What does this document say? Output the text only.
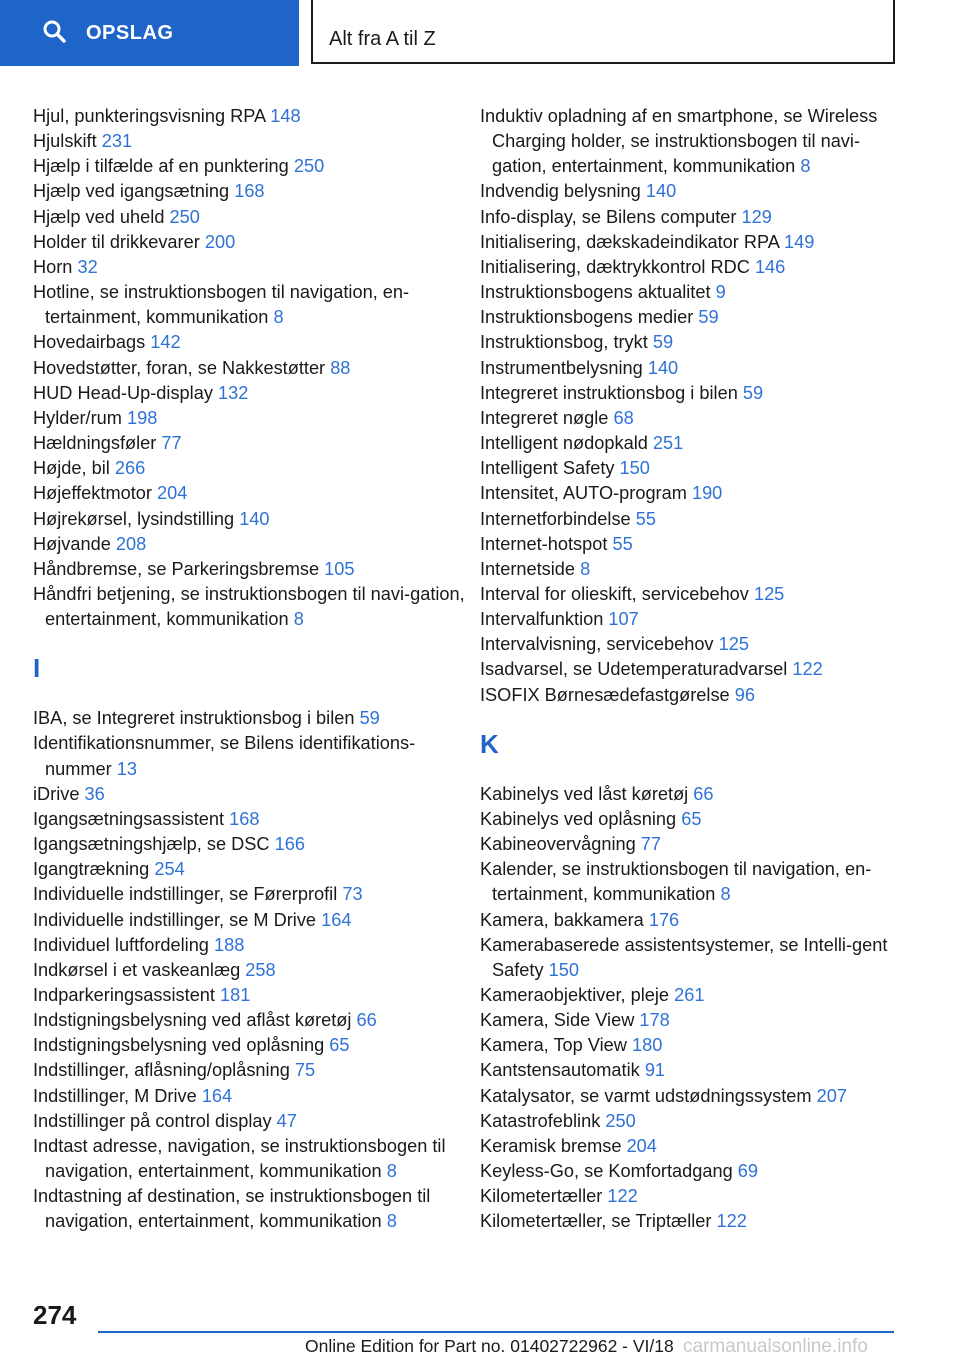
OPSLAG	Alt fra A til Z

Hjul, punkteringsvisning RPA 148

Hjulskift 231

Hjælp i tilfælde af en punktering 250

Hjælp ved igangsætning 168

Hjælp ved uheld 250

Holder til drikkevarer 200

Horn 32

Hotline, se instruktionsbogen til navigation, en-tertainment, kommunikation 8

Hovedairbags 142

Hovedstøtter, foran, se Nakkestøtter 88

HUD Head-Up-display 132

Hylder/rum 198

Hældningsføler 77

Højde, bil 266

Højeffektmotor 204

Højrekørsel, lysindstilling 140

Højvande 208

Håndbremse, se Parkeringsbremse 105

Håndfri betjening, se instruktionsbogen til navi-gation, entertainment, kommunikation 8

I

IBA, se Integreret instruktionsbog i bilen 59

Identifikationsnummer, se Bilens identifikations-nummer 13

iDrive 36

Igangsætningsassistent 168

Igangsætningshjælp, se DSC 166

Igangtrækning 254

Individuelle indstillinger, se Førerprofil 73

Individuelle indstillinger, se M Drive 164

Individuel luftfordeling 188

Indkørsel i et vaskeanlæg 258

Indparkeringsassistent 181

Indstigningsbelysning ved aflåst køretøj 66

Indstigningsbelysning ved oplåsning 65

Indstillinger, aflåsning/oplåsning 75

Indstillinger, M Drive 164

Indstillinger på control display 47

Indtast adresse, navigation, se instruktionsbogen til navigation, entertainment, kommunikation 8

Indtastning af destination, se instruktionsbogen til navigation, entertainment, kommunikation 8

Induktiv opladning af en smartphone, se Wireless Charging holder, se instruktionsbogen til navi-gation, entertainment, kommunikation 8

Indvendig belysning 140

Info-display, se Bilens computer 129

Initialisering, dækskadeindikator RPA 149

Initialisering, dæktrykkontrol RDC 146

Instruktionsbogens aktualitet 9

Instruktionsbogens medier 59

Instruktionsbog, trykt 59

Instrumentbelysning 140

Integreret instruktionsbog i bilen 59

Integreret nøgle 68

Intelligent nødopkald 251

Intelligent Safety 150

Intensitet, AUTO-program 190

Internetforbindelse 55

Internet-hotspot 55

Internetside 8

Interval for olieskift, servicebehov 125

Intervalfunktion 107

Intervalvisning, servicebehov 125

Isadvarsel, se Udetemperaturadvarsel 122

ISOFIX Børnesædefastgørelse 96

K

Kabinelys ved låst køretøj 66

Kabinelys ved oplåsning 65

Kabineovervågning 77

Kalender, se instruktionsbogen til navigation, en-tertainment, kommunikation 8

Kamera, bakkamera 176

Kamerabaserede assistentsystemer, se Intelli-gent Safety 150

Kameraobjektiver, pleje 261

Kamera, Side View 178

Kamera, Top View 180

Kantstensautomatik 91

Katalysator, se varmt udstødningssystem 207

Katastrofeblink 250

Keramisk bremse 204

Keyless-Go, se Komfortadgang 69

Kilometertæller 122

Kilometertæller, se Triptæller 122

274
Online Edition for Part no. 01402722962 - VI/18 carmanualsonline.info
